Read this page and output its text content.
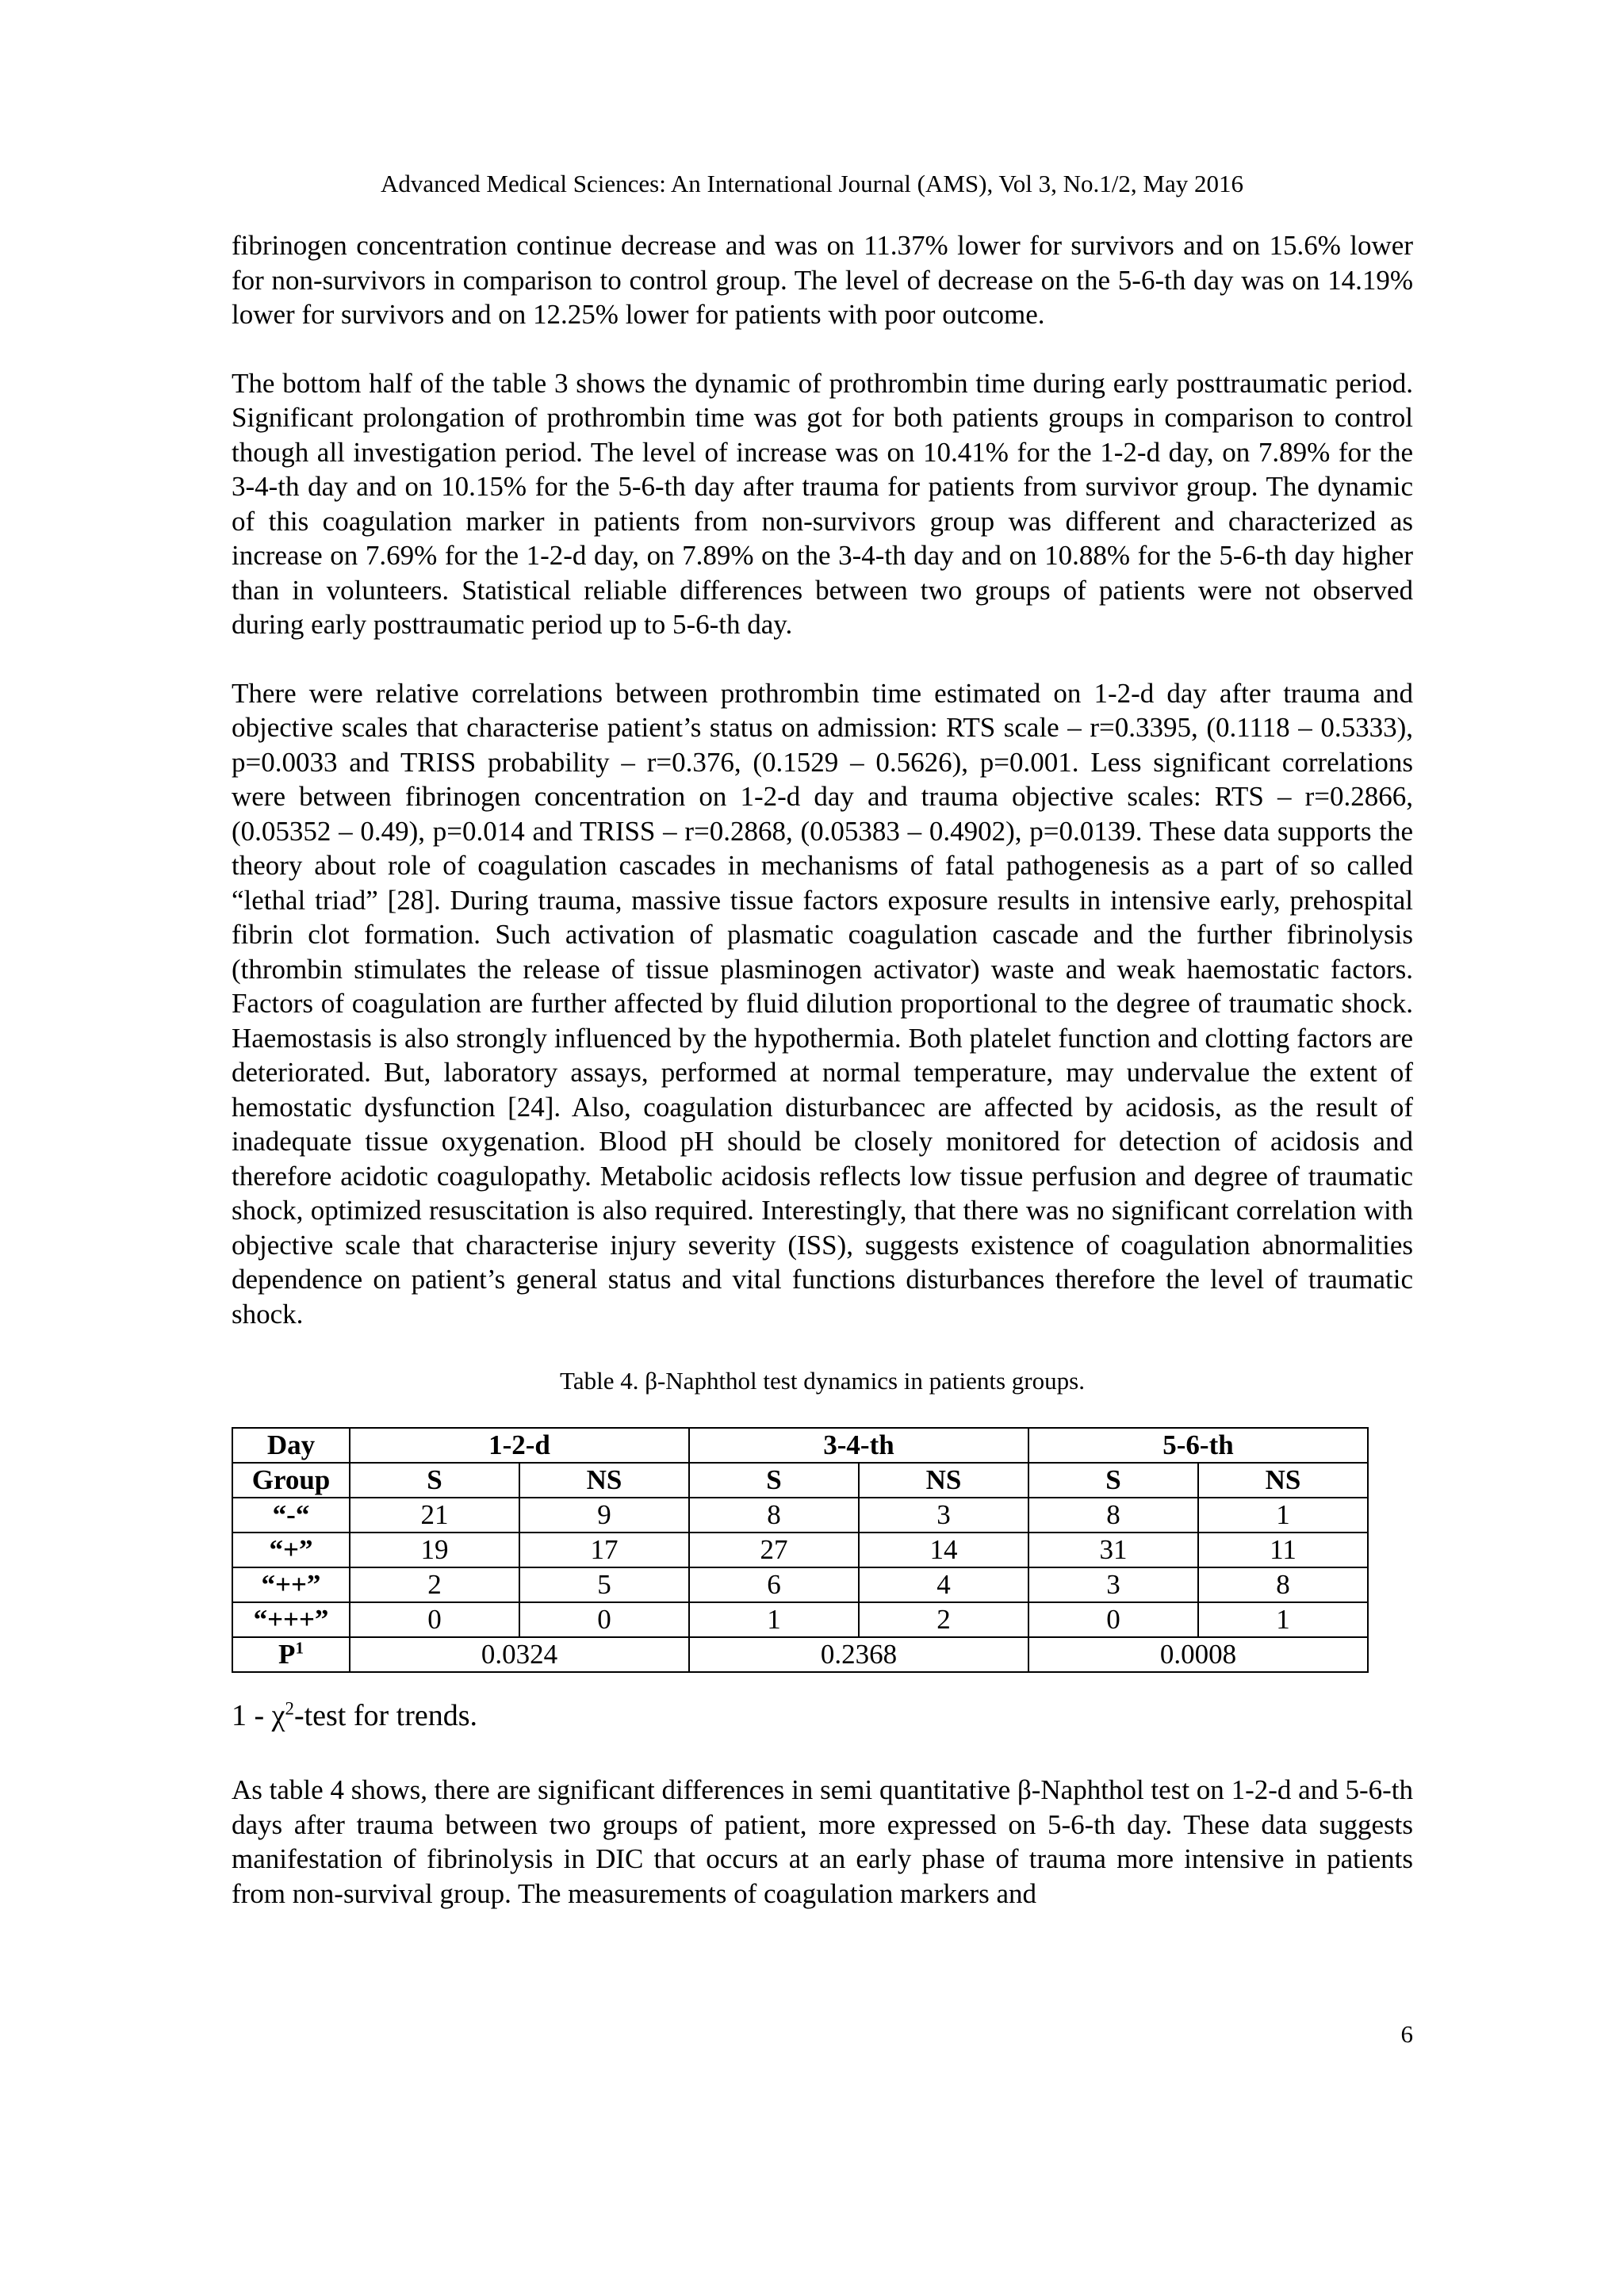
Advanced Medical Sciences: An International Journal (AMS), Vol 3, No.1/2, May 2016

fibrinogen concentration continue decrease and was on 11.37% lower for survivors and on 15.6% lower for non-survivors in comparison to control group. The level of decrease on the 5-6-th day was on 14.19% lower for survivors and on 12.25% lower for patients with poor outcome.

The bottom half of the table 3 shows the dynamic of prothrombin time during early posttraumatic period. Significant prolongation of prothrombin time was got for both patients groups in comparison to control though all investigation period. The level of increase was on 10.41% for the 1-2-d day, on 7.89% for the 3-4-th day and on 10.15% for the 5-6-th day after trauma for patients from survivor group. The dynamic of this coagulation marker in patients from non-survivors group was different and characterized as increase on 7.69% for the 1-2-d day, on 7.89% on the 3-4-th day and on 10.88% for the 5-6-th day higher than in volunteers. Statistical reliable differences between two groups of patients were not observed during early posttraumatic period up to 5-6-th day.

There were relative correlations between prothrombin time estimated on 1-2-d day after trauma and objective scales that characterise patient’s status on admission: RTS scale – r=0.3395, (0.1118 – 0.5333), p=0.0033 and TRISS probability – r=0.376, (0.1529 – 0.5626), p=0.001. Less significant correlations were between fibrinogen concentration on 1-2-d day and trauma objective scales: RTS – r=0.2866, (0.05352 – 0.49), p=0.014 and TRISS – r=0.2868, (0.05383 – 0.4902), p=0.0139. These data supports the theory about role of coagulation cascades in mechanisms of fatal pathogenesis as a part of so called “lethal triad” [28]. During trauma, massive tissue factors exposure results in intensive early, prehospital fibrin clot formation. Such activation of plasmatic coagulation cascade and the further fibrinolysis (thrombin stimulates the release of tissue plasminogen activator) waste and weak haemostatic factors. Factors of coagulation are further affected by fluid dilution proportional to the degree of traumatic shock. Haemostasis is also strongly influenced by the hypothermia. Both platelet function and clotting factors are deteriorated. But, laboratory assays, performed at normal temperature, may undervalue the extent of hemostatic dysfunction [24]. Also, coagulation disturbancec are affected by acidosis, as the result of inadequate tissue oxygenation. Blood pH should be closely monitored for detection of acidosis and therefore acidotic coagulopathy. Metabolic acidosis reflects low tissue perfusion and degree of traumatic shock, optimized resuscitation is also required. Interestingly, that there was no significant correlation with objective scale that characterise injury severity (ISS), suggests existence of coagulation abnormalities dependence on patient’s general status and vital functions disturbances therefore the level of traumatic shock.

Table 4. β-Naphthol test dynamics in patients groups.
Day	1-2-d		3-4-th		5-6-th	
Group	S	NS	S	NS	S	NS
“-“	21	9	8	3	8	1
“+”	19	17	27	14	31	11
“++”	2	5	6	4	3	8
“+++”	0	0	1	2	0	1
$P^1$	0.0324		0.2368		0.0008	
$1 - \chi^2$-test for trends.

As table 4 shows, there are significant differences in semi quantitative β-Naphthol test on 1-2-d and 5-6-th days after trauma between two groups of patient, more expressed on 5-6-th day. These data suggests manifestation of fibrinolysis in DIC that occurs at an early phase of trauma more intensive in patients from non-survival group. The measurements of coagulation markers and

6
